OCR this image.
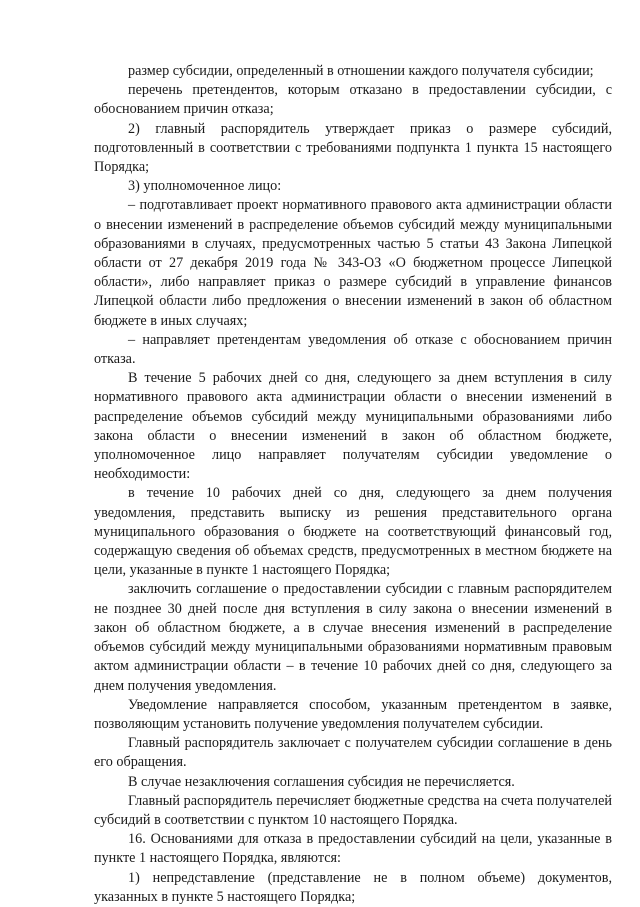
размер субсидии, определенный в отношении каждого получателя субсидии;

перечень претендентов, которым отказано в предоставлении субсидии, с обоснованием причин отказа;

2) главный распорядитель утверждает приказ о размере субсидий, подготовленный в соответствии с требованиями подпункта 1 пункта 15 настоящего Порядка;

3) уполномоченное лицо:

– подготавливает проект нормативного правового акта администрации области о внесении изменений в распределение объемов субсидий между муниципальными образованиями в случаях, предусмотренных частью 5 статьи 43 Закона Липецкой области от 27 декабря 2019 года № 343-ОЗ «О бюджетном процессе Липецкой области», либо направляет приказ о размере субсидий в управление финансов Липецкой области либо предложения о внесении изменений в закон об областном бюджете в иных случаях;

– направляет претендентам уведомления об отказе с обоснованием причин отказа.

В течение 5 рабочих дней со дня, следующего за днем вступления в силу нормативного правового акта администрации области о внесении изменений в распределение объемов субсидий между муниципальными образованиями либо закона области о внесении изменений в закон об областном бюджете, уполномоченное лицо направляет получателям субсидии уведомление о необходимости:

в течение 10 рабочих дней со дня, следующего за днем получения уведомления, представить выписку из решения представительного органа муниципального образования о бюджете на соответствующий финансовый год, содержащую сведения об объемах средств, предусмотренных в местном бюджете на цели, указанные в пункте 1 настоящего Порядка;

заключить соглашение о предоставлении субсидии с главным распорядителем не позднее 30 дней после дня вступления в силу закона о внесении изменений в закон об областном бюджете, а в случае внесения изменений в распределение объемов субсидий между муниципальными образованиями нормативным правовым актом администрации области – в течение 10 рабочих дней со дня, следующего за днем получения уведомления.

Уведомление направляется способом, указанным претендентом в заявке, позволяющим установить получение уведомления получателем субсидии.

Главный распорядитель заключает с получателем субсидии соглашение в день его обращения.

В случае незаключения соглашения субсидия не перечисляется.

Главный распорядитель перечисляет бюджетные средства на счета получателей субсидий в соответствии с пунктом 10 настоящего Порядка.

16. Основаниями для отказа в предоставлении субсидий на цели, указанные в пункте 1 настоящего Порядка, являются:

1) непредставление (представление не в полном объеме) документов, указанных в пункте 5 настоящего Порядка;
